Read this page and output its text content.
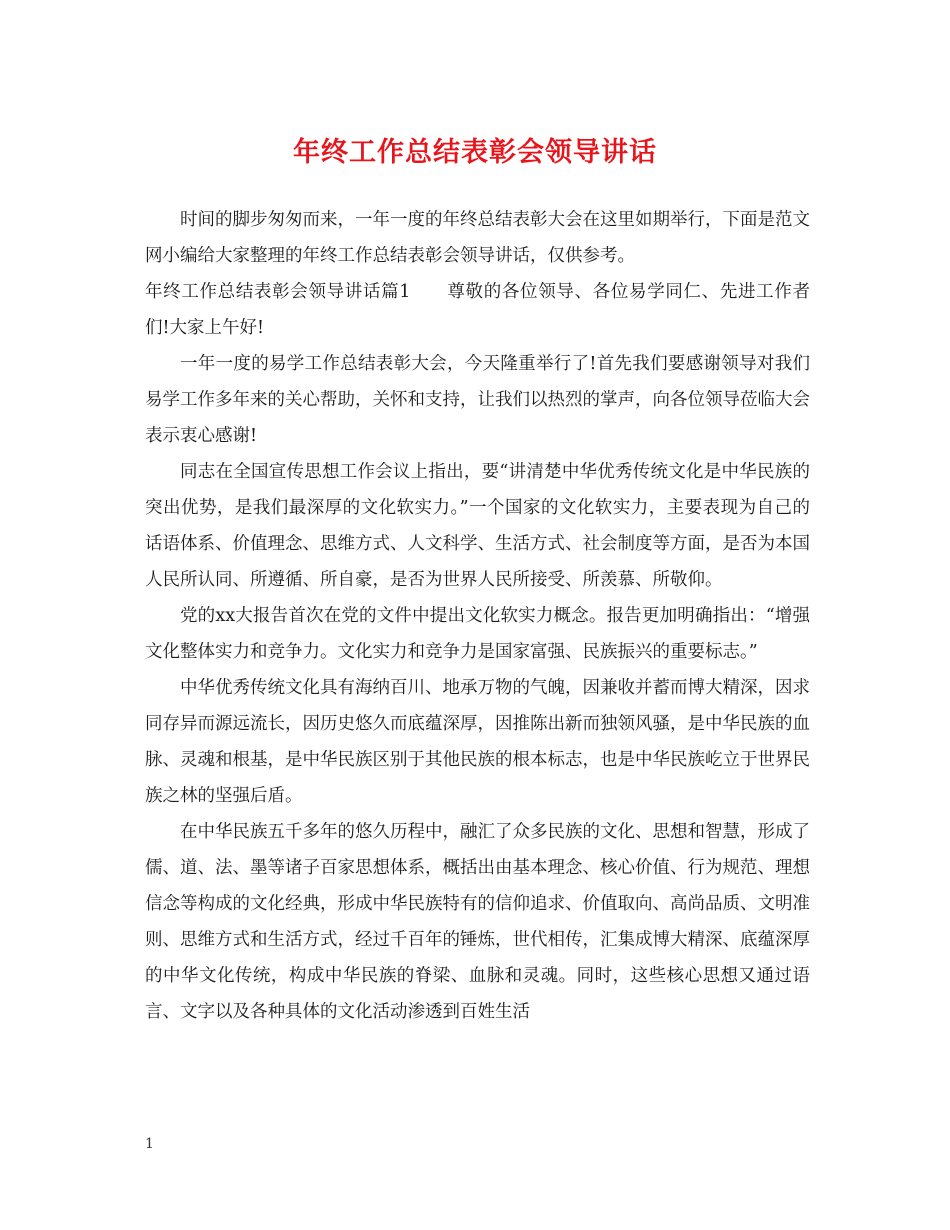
年终工作总结表彰会领导讲话

时间的脚步匆匆而来，一年一度的年终总结表彰大会在这里如期举行，下面是范文网小编给大家整理的年终工作总结表彰会领导讲话，仅供参考。

年终工作总结表彰会领导讲话篇1　　尊敬的各位领导、各位易学同仁、先进工作者们!大家上午好!

一年一度的易学工作总结表彰大会，今天隆重举行了!首先我们要感谢领导对我们易学工作多年来的关心帮助，关怀和支持，让我们以热烈的掌声，向各位领导莅临大会表示衷心感谢!

同志在全国宣传思想工作会议上指出，要“讲清楚中华优秀传统文化是中华民族的突出优势，是我们最深厚的文化软实力。”一个国家的文化软实力，主要表现为自己的话语体系、价值理念、思维方式、人文科学、生活方式、社会制度等方面，是否为本国人民所认同、所遵循、所自豪，是否为世界人民所接受、所羡慕、所敬仰。

党的xx大报告首次在党的文件中提出文化软实力概念。报告更加明确指出：“增强文化整体实力和竞争力。文化实力和竞争力是国家富强、民族振兴的重要标志。”

中华优秀传统文化具有海纳百川、地承万物的气魄，因兼收并蓄而博大精深，因求同存异而源远流长，因历史悠久而底蕴深厚，因推陈出新而独领风骚，是中华民族的血脉、灵魂和根基，是中华民族区别于其他民族的根本标志，也是中华民族屹立于世界民族之林的坚强后盾。

在中华民族五千多年的悠久历程中，融汇了众多民族的文化、思想和智慧，形成了儒、道、法、墨等诸子百家思想体系，概括出由基本理念、核心价值、行为规范、理想信念等构成的文化经典，形成中华民族特有的信仰追求、价值取向、高尚品质、文明准则、思维方式和生活方式，经过千百年的锤炼，世代相传，汇集成博大精深、底蕴深厚的中华文化传统，构成中华民族的脊梁、血脉和灵魂。同时，这些核心思想又通过语言、文字以及各种具体的文化活动渗透到百姓生活

1
